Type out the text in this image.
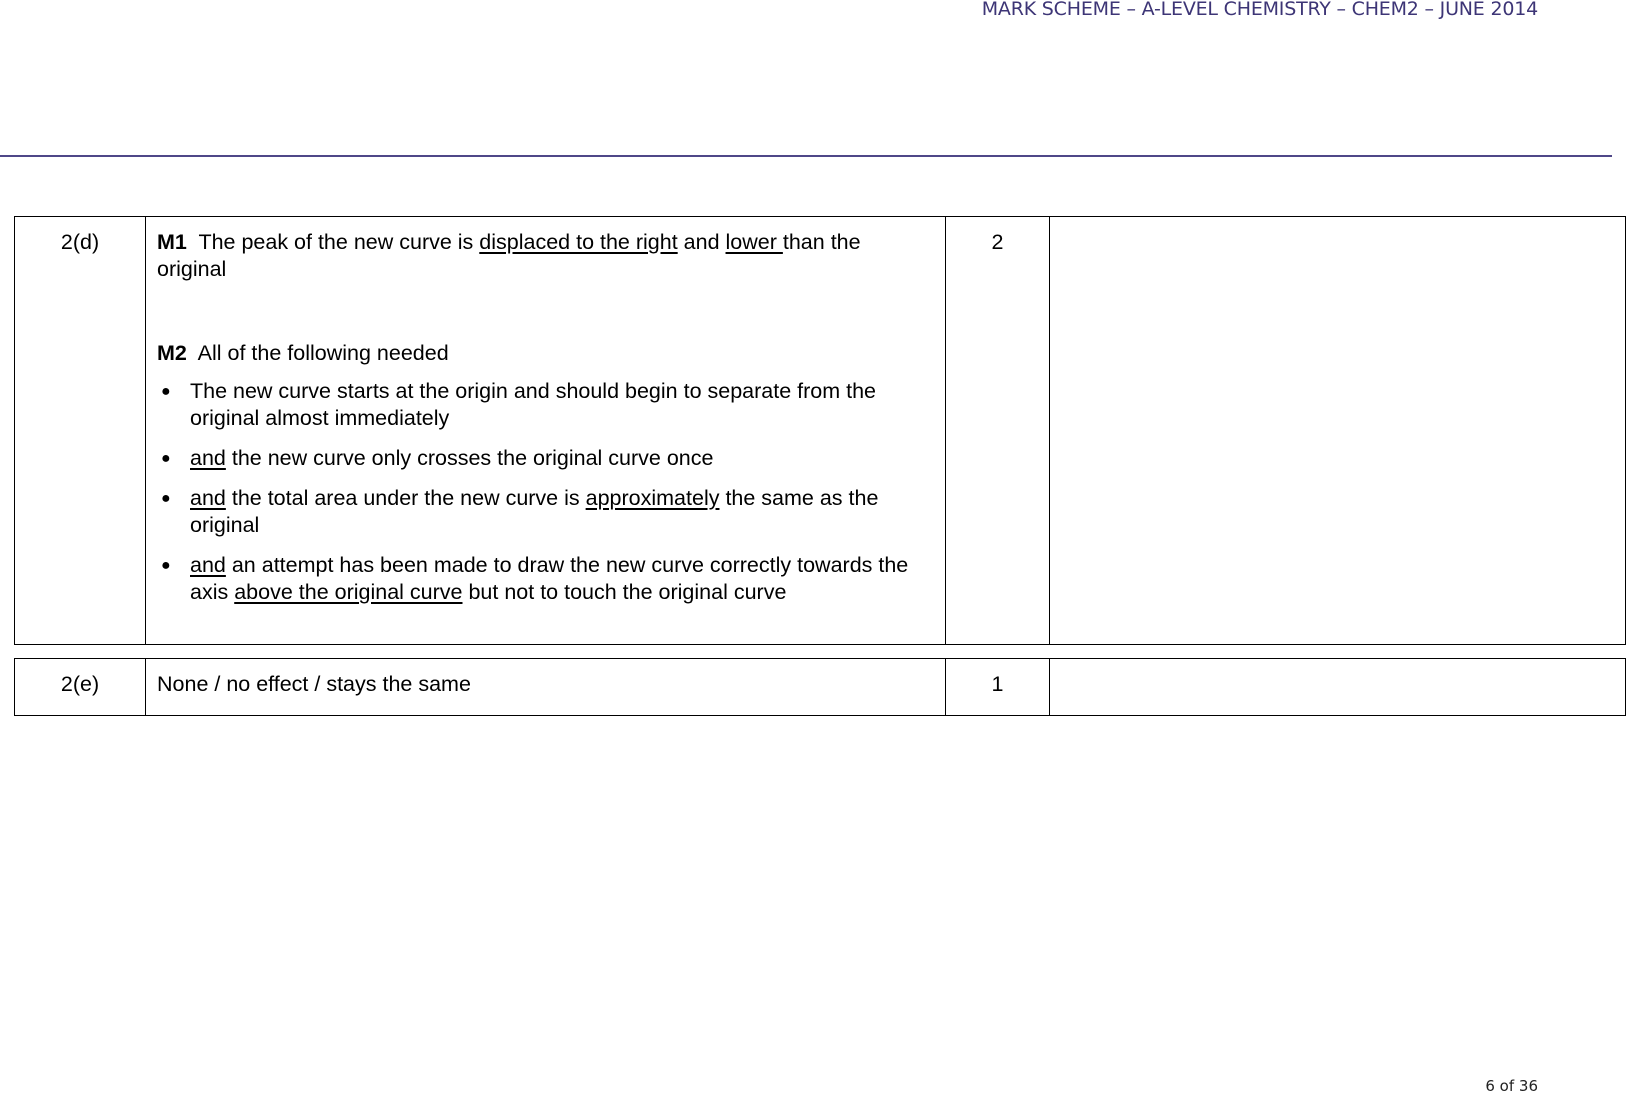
MARK SCHEME – A-LEVEL CHEMISTRY – CHEM2 – JUNE 2014
2(d)	M1 The peak of the new curve is displaced to the right and lower than the original

M2 All of the following needed

● The new curve starts at the origin and should begin to separate from the original almost immediately
● and the new curve only crosses the original curve once
● and the total area under the new curve is approximately the same as the original
● and an attempt has been made to draw the new curve correctly towards the axis above the original curve but not to touch the original curve
	2	
2(e)	None / no effect / stays the same	1	
6 of 36
